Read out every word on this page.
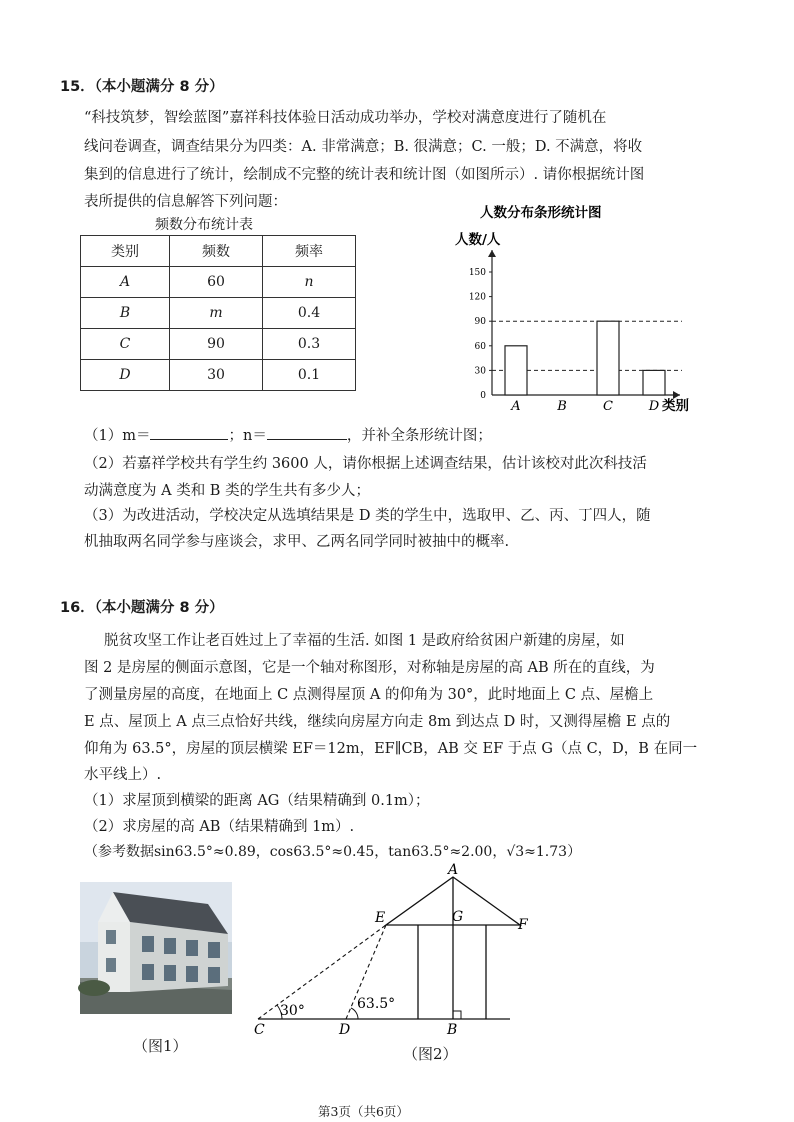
15．（本小题满分 8 分）
“科技筑梦，智绘蓝图”嘉祥科技体验日活动成功举办，学校对满意度进行了随机在
线问卷调查，调查结果分为四类：A. 非常满意；B. 很满意；C. 一般；D. 不满意，将收
集到的信息进行了统计，绘制成不完整的统计表和统计图（如图所示）. 请你根据统计图
表所提供的信息解答下列问题：
频数分布统计表
类别	频数	频率
A	60	n
B	m	0.4
C	90	0.3
D	30	0.1
人数分布条形统计图
人数/人
类别
0
30
60
90
120
150
A	B	C	D
（1）m＝	；n＝	，并补全条形统计图；
（2）若嘉祥学校共有学生约 3600 人，请你根据上述调查结果，估计该校对此次科技活
动满意度为 A 类和 B 类的学生共有多少人；
（3）为改进活动，学校决定从选填结果是 D 类的学生中，选取甲、乙、丙、丁四人，随
机抽取两名同学参与座谈会，求甲、乙两名同学同时被抽中的概率.
16．（本小题满分 8 分）
脱贫攻坚工作让老百姓过上了幸福的生活. 如图 1 是政府给贫困户新建的房屋，如
图 2 是房屋的侧面示意图，它是一个轴对称图形，对称轴是房屋的高 AB 所在的直线，为
了测量房屋的高度，在地面上 C 点测得屋顶 A 的仰角为 30°，此时地面上 C 点、屋檐上
E 点、屋顶上 A 点三点恰好共线，继续向房屋方向走 8m 到达点 D 时，又测得屋檐 E 点的
仰角为 63.5°，房屋的顶层横梁 EF＝12m，EF∥CB，AB 交 EF 于点 G（点 C，D，B 在同一
水平线上）.
（1）求屋顶到横梁的距离 AG（结果精确到 0.1m）；
（2）求房屋的高 AB（结果精确到 1m）.
（参考数据sin63.5°≈0.89，cos63.5°≈0.45，tan63.5°≈2.00，√3≈1.73）
（图1）
A
E	G	F
C	D	B
30°	63.5°
（图2）
第3页（共6页）
